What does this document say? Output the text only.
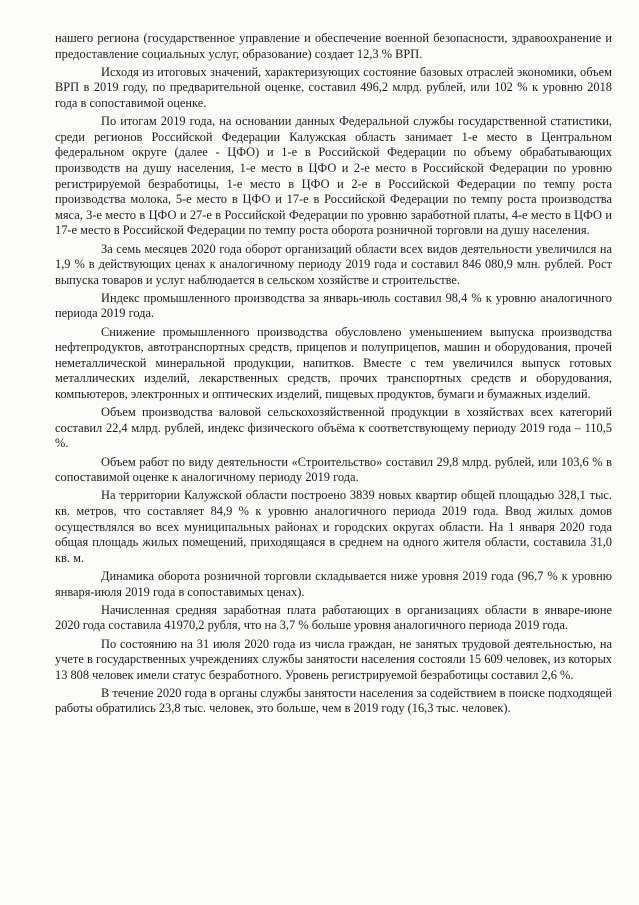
нашего региона (государственное управление и обеспечение военной безопасности, здравоохранение и предоставление социальных услуг, образование) создает 12,3 % ВРП.

Исходя из итоговых значений, характеризующих состояние базовых отраслей экономики, объем ВРП в 2019 году, по предварительной оценке, составил 496,2 млрд. рублей, или 102 % к уровню 2018 года в сопоставимой оценке.

По итогам 2019 года, на основании данных Федеральной службы государственной статистики, среди регионов Российской Федерации Калужская область занимает 1-е место в Центральном федеральном округе (далее - ЦФО) и 1-е в Российской Федерации по объему обрабатывающих производств на душу населения, 1-е место в ЦФО и 2-е место в Российской Федерации по уровню регистрируемой безработицы, 1-е место в ЦФО и 2-е в Российской Федерации по темпу роста производства молока, 5-е место в ЦФО и 17-е в Российской Федерации по темпу роста производства мяса, 3-е место в ЦФО и 27-е в Российской Федерации по уровню заработной платы, 4-е место в ЦФО и 17-е место в Российской Федерации по темпу роста оборота розничной торговли на душу населения.

За семь месяцев 2020 года оборот организаций области всех видов деятельности увеличился на 1,9 % в действующих ценах к аналогичному периоду 2019 года и составил 846 080,9 млн. рублей. Рост выпуска товаров и услуг наблюдается в сельском хозяйстве и строительстве.

Индекс промышленного производства за январь-июль составил 98,4 % к уровню аналогичного периода 2019 года.

Снижение промышленного производства обусловлено уменьшением выпуска производства нефтепродуктов, автотранспортных средств, прицепов и полуприцепов, машин и оборудования, прочей неметаллической минеральной продукции, напитков. Вместе с тем увеличился выпуск готовых металлических изделий, лекарственных средств, прочих транспортных средств и оборудования, компьютеров, электронных и оптических изделий, пищевых продуктов, бумаги и бумажных изделий.

Объем производства валовой сельскохозяйственной продукции в хозяйствах всех категорий составил 22,4 млрд. рублей, индекс физического объёма к соответствующему периоду 2019 года – 110,5 %.

Объем работ по виду деятельности «Строительство» составил 29,8 млрд. рублей, или 103,6 % в сопоставимой оценке к аналогичному периоду 2019 года.

На территории Калужской области построено 3839 новых квартир общей площадью 328,1 тыс. кв. метров, что составляет 84,9 % к уровню аналогичного периода 2019 года. Ввод жилых домов осуществлялся во всех муниципальных районах и городских округах области. На 1 января 2020 года общая площадь жилых помещений, приходящаяся в среднем на одного жителя области, составила 31,0 кв. м.

Динамика оборота розничной торговли складывается ниже уровня 2019 года (96,7 % к уровню января-июля 2019 года в сопоставимых ценах).

Начисленная средняя заработная плата работающих в организациях области в январе-июне 2020 года составила 41970,2 рубля, что на 3,7 % больше уровня аналогичного периода 2019 года.

По состоянию на 31 июля 2020 года из числа граждан, не занятых трудовой деятельностью, на учете в государственных учреждениях службы занятости населения состояли 15 609 человек, из которых 13 808 человек имели статус безработного. Уровень регистрируемой безработицы составил 2,6 %.

В течение 2020 года в органы службы занятости населения за содействием в поиске подходящей работы обратились 23,8 тыс. человек, это больше, чем в 2019 году (16,3 тыс. человек).
